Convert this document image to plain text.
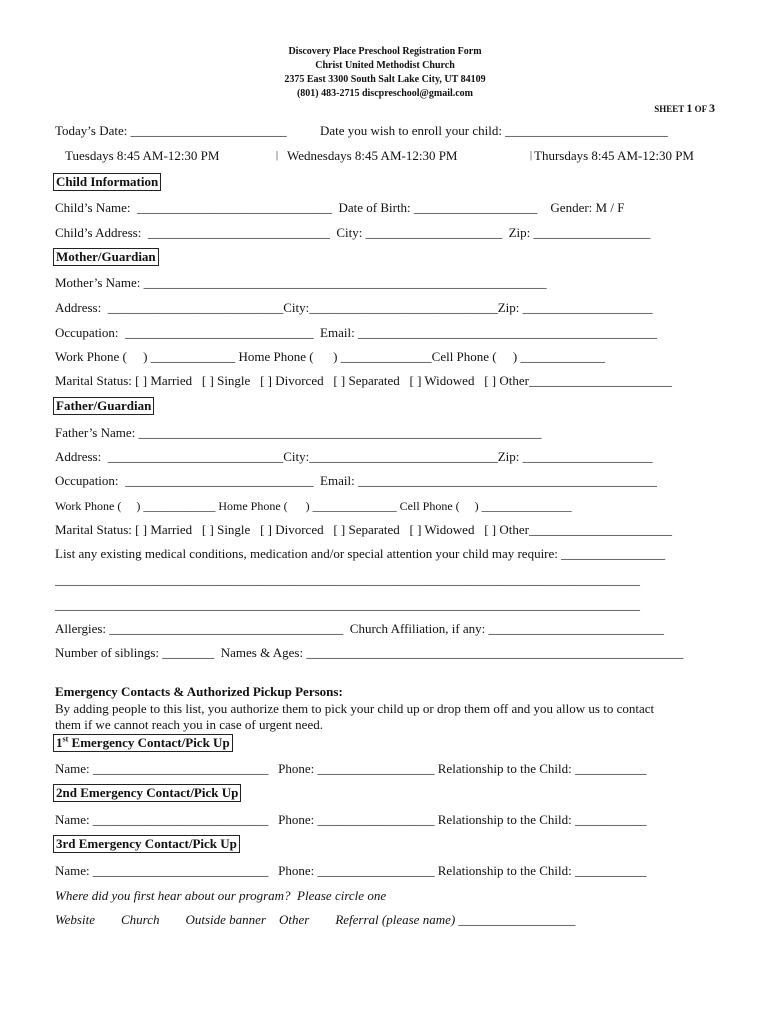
Discovery Place Preschool Registration Form
Christ United Methodist Church
2375 East 3300 South Salt Lake City, UT 84109
(801) 483-2715 discpreschool@gmail.com
SHEET 1 OF 3
Today’s Date: ________________________	Date you wish to enroll your child: _________________________
Tuesdays 8:45 AM-12:30 PM	| Wednesdays 8:45 AM-12:30 PM	| Thursdays 8:45 AM-12:30 PM
Child Information
Child’s Name:  ______________________________  Date of Birth: ___________________    Gender: M / F
Child’s Address:  ____________________________  City: _____________________  Zip: __________________
Mother/Guardian
Mother’s Name: ______________________________________________________________
Address:  ___________________________City:_____________________________Zip: ____________________
Occupation:  _____________________________  Email: ______________________________________________
Work Phone (     ) _____________ Home Phone (      ) ______________Cell Phone (     ) _____________
Marital Status: [ ] Married   [ ] Single   [ ] Divorced   [ ] Separated   [ ] Widowed   [ ] Other______________________
Father/Guardian
Father’s Name: ______________________________________________________________
Address:  ___________________________City:_____________________________Zip: ____________________
Occupation:  _____________________________  Email: ______________________________________________
Work Phone (     ) ____________ Home Phone (      ) ______________ Cell Phone (     ) _______________
Marital Status: [ ] Married   [ ] Single   [ ] Divorced   [ ] Separated   [ ] Widowed   [ ] Other______________________
List any existing medical conditions, medication and/or special attention your child may require: ________________
__________________________________________________________________________________________
__________________________________________________________________________________________
Allergies: ____________________________________  Church Affiliation, if any: ___________________________
Number of siblings: ________  Names & Ages: __________________________________________________________
Emergency Contacts & Authorized Pickup Persons:
By adding people to this list, you authorize them to pick your child up or drop them off and you allow us to contact
them if we cannot reach you in case of urgent need.
1st Emergency Contact/Pick Up
Name: ___________________________   Phone: __________________ Relationship to the Child: ___________
2nd Emergency Contact/Pick Up
Name: ___________________________   Phone: __________________ Relationship to the Child: ___________
3rd Emergency Contact/Pick Up
Name: ___________________________   Phone: __________________ Relationship to the Child: ___________
Where did you first hear about our program?  Please circle one
Website        Church        Outside banner    Other        Referral (please name) __________________
